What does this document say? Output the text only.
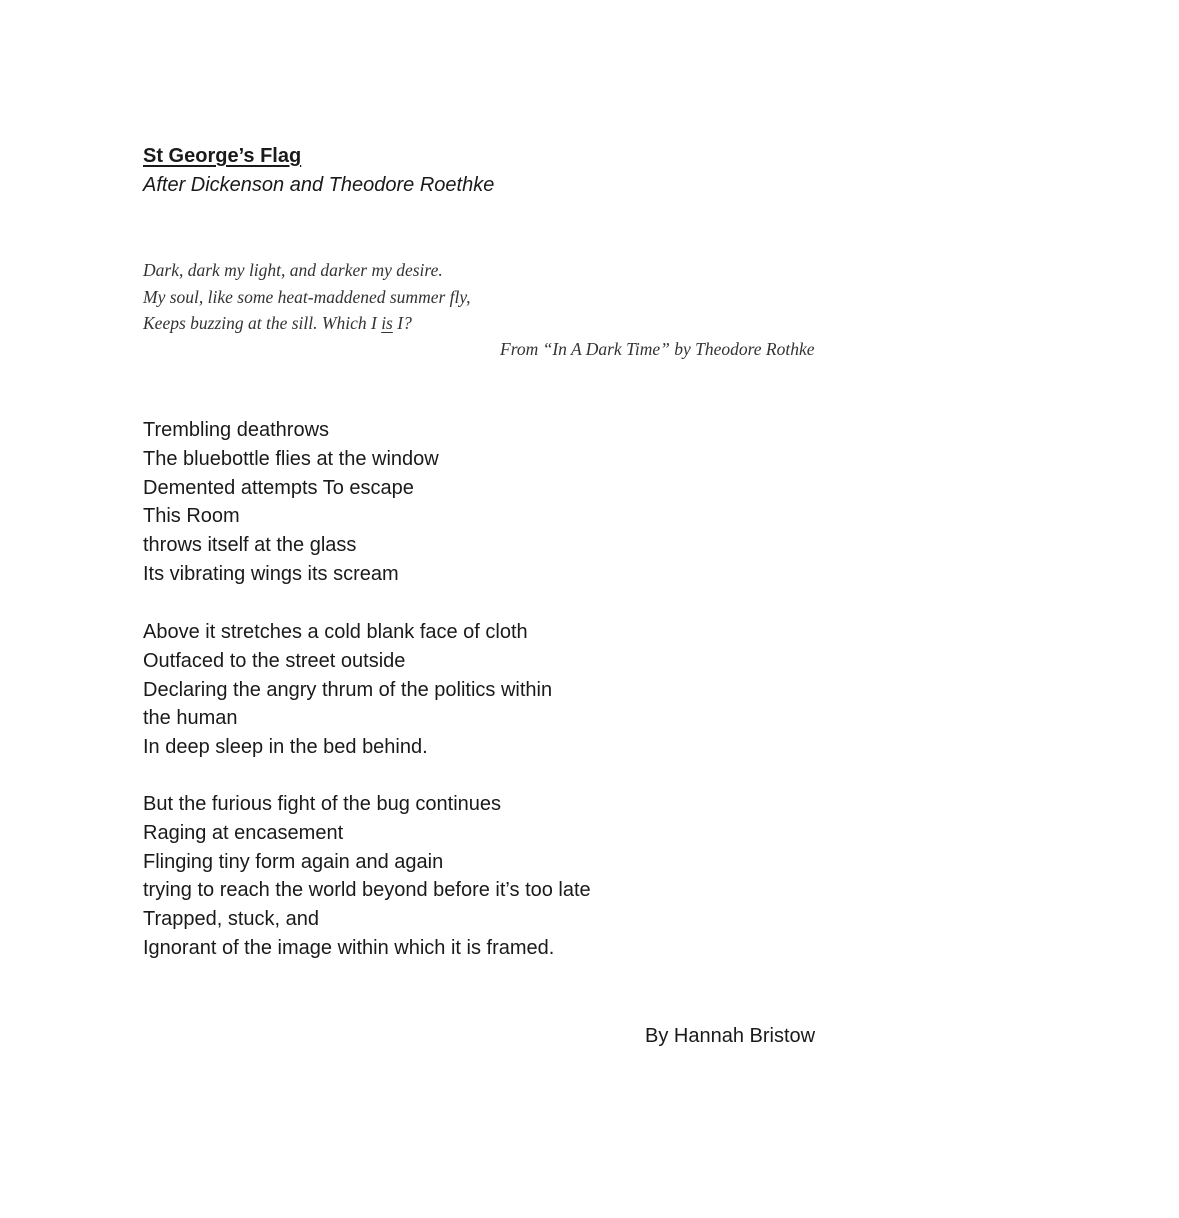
St George’s Flag
After Dickenson and Theodore Roethke
Dark, dark my light, and darker my desire.
My soul, like some heat-maddened summer fly,
Keeps buzzing at the sill. Which I is I?
From “In A Dark Time” by Theodore Rothke
Trembling deathrows
The bluebottle flies at the window
Demented attempts To escape
This Room
throws itself at the glass
Its vibrating wings its scream
Above it stretches a cold blank face of cloth
Outfaced to the street outside
Declaring the angry thrum of the politics within
the human
In deep sleep in the bed behind.
But the furious fight of the bug continues
Raging at encasement
Flinging tiny form again and again
trying to reach the world beyond before it’s too late
Trapped, stuck, and
Ignorant of the image within which it is framed.
By Hannah Bristow
